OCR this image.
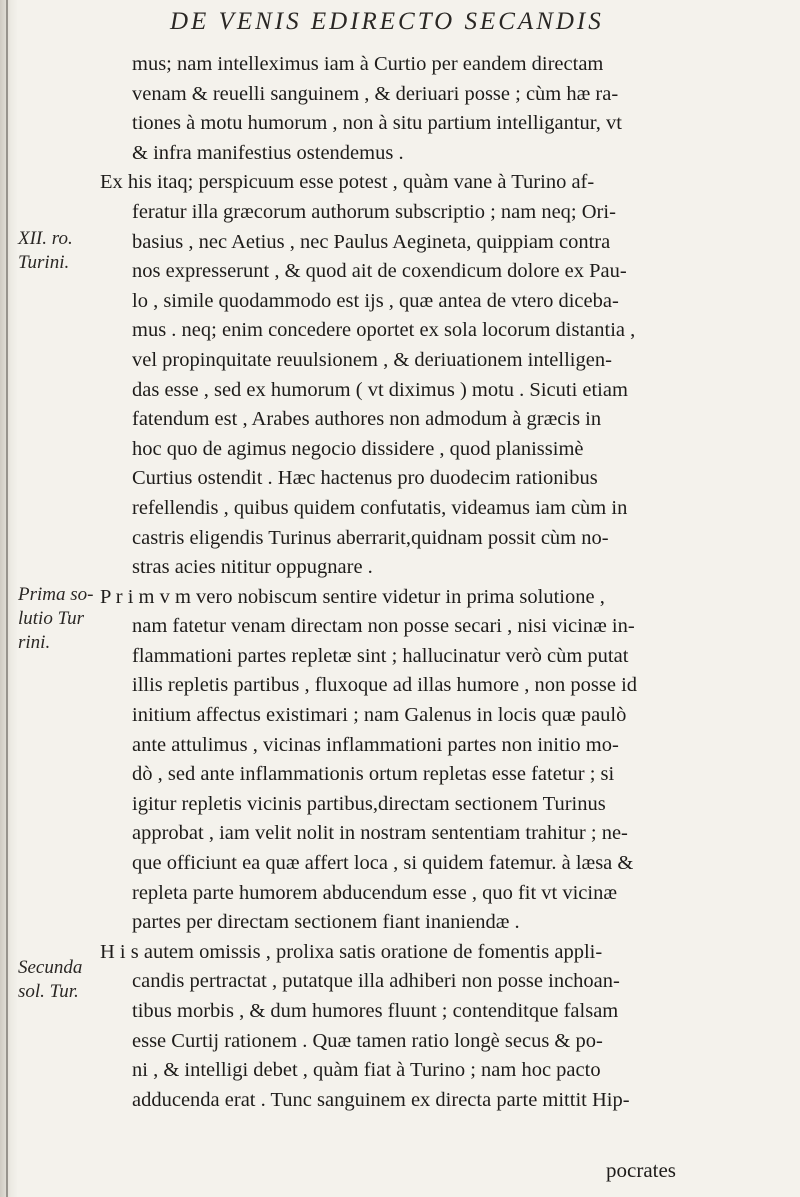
DE VENIS EDIRECTO SECANDIS
XII. ro.
Turini.
Prima so-
lutio Tur
rini.
Secunda
sol. Tur.
mus; nam intelleximus iam à Curtio per eandem directam
venam & reuelli sanguinem , & deriuari posse ; cùm hæ ra-
tiones à motu humorum , non à situ partium intelligantur, vt
& infra manifestius ostendemus .
Ex his itaq; perspicuum esse potest , quàm vane à Turino af-
feratur illa græcorum authorum subscriptio ; nam neq; Ori-
basius , nec Aetius , nec Paulus Aegineta, quippiam contra
nos expresserunt , & quod ait de coxendicum dolore ex Pau-
lo , simile quodammodo est ijs , quæ antea de vtero diceba-
mus . neq; enim concedere oportet ex sola locorum distantia ,
vel propinquitate reuulsionem , & deriuationem intelligen-
das esse , sed ex humorum ( vt diximus ) motu . Sicuti etiam
fatendum est , Arabes authores non admodum à græcis in
hoc quo de agimus negocio dissidere , quod planissimè
Curtius ostendit . Hæc hactenus pro duodecim rationibus
refellendis , quibus quidem confutatis, videamus iam cùm in
castris eligendis Turinus aberrarit,quidnam possit cùm no-
stras acies nititur oppugnare .
P r i m v m vero nobiscum sentire videtur in prima solutione ,
nam fatetur venam directam non posse secari , nisi vicinæ in-
flammationi partes repletæ sint ; hallucinatur verò cùm putat
illis repletis partibus , fluxoque ad illas humore , non posse id
initium affectus existimari ; nam Galenus in locis quæ paulò
ante attulimus , vicinas inflammationi partes non initio mo-
dò , sed ante inflammationis ortum repletas esse fatetur ; si
igitur repletis vicinis partibus,directam sectionem Turinus
approbat , iam velit nolit in nostram sententiam trahitur ; ne-
que officiunt ea quæ affert loca , si quidem fatemur. à læsa &
repleta parte humorem abducendum esse , quo fit vt vicinæ
partes per directam sectionem fiant inaniendæ .
H i s autem omissis , prolixa satis oratione de fomentis appli-
candis pertractat , putatque illa adhiberi non posse inchoan-
tibus morbis , & dum humores fluunt ; contenditque falsam
esse Curtij rationem . Quæ tamen ratio longè secus & po-
ni , & intelligi debet , quàm fiat à Turino ; nam hoc pacto
adducenda erat . Tunc sanguinem ex directa parte mittit Hip-
pocrates
